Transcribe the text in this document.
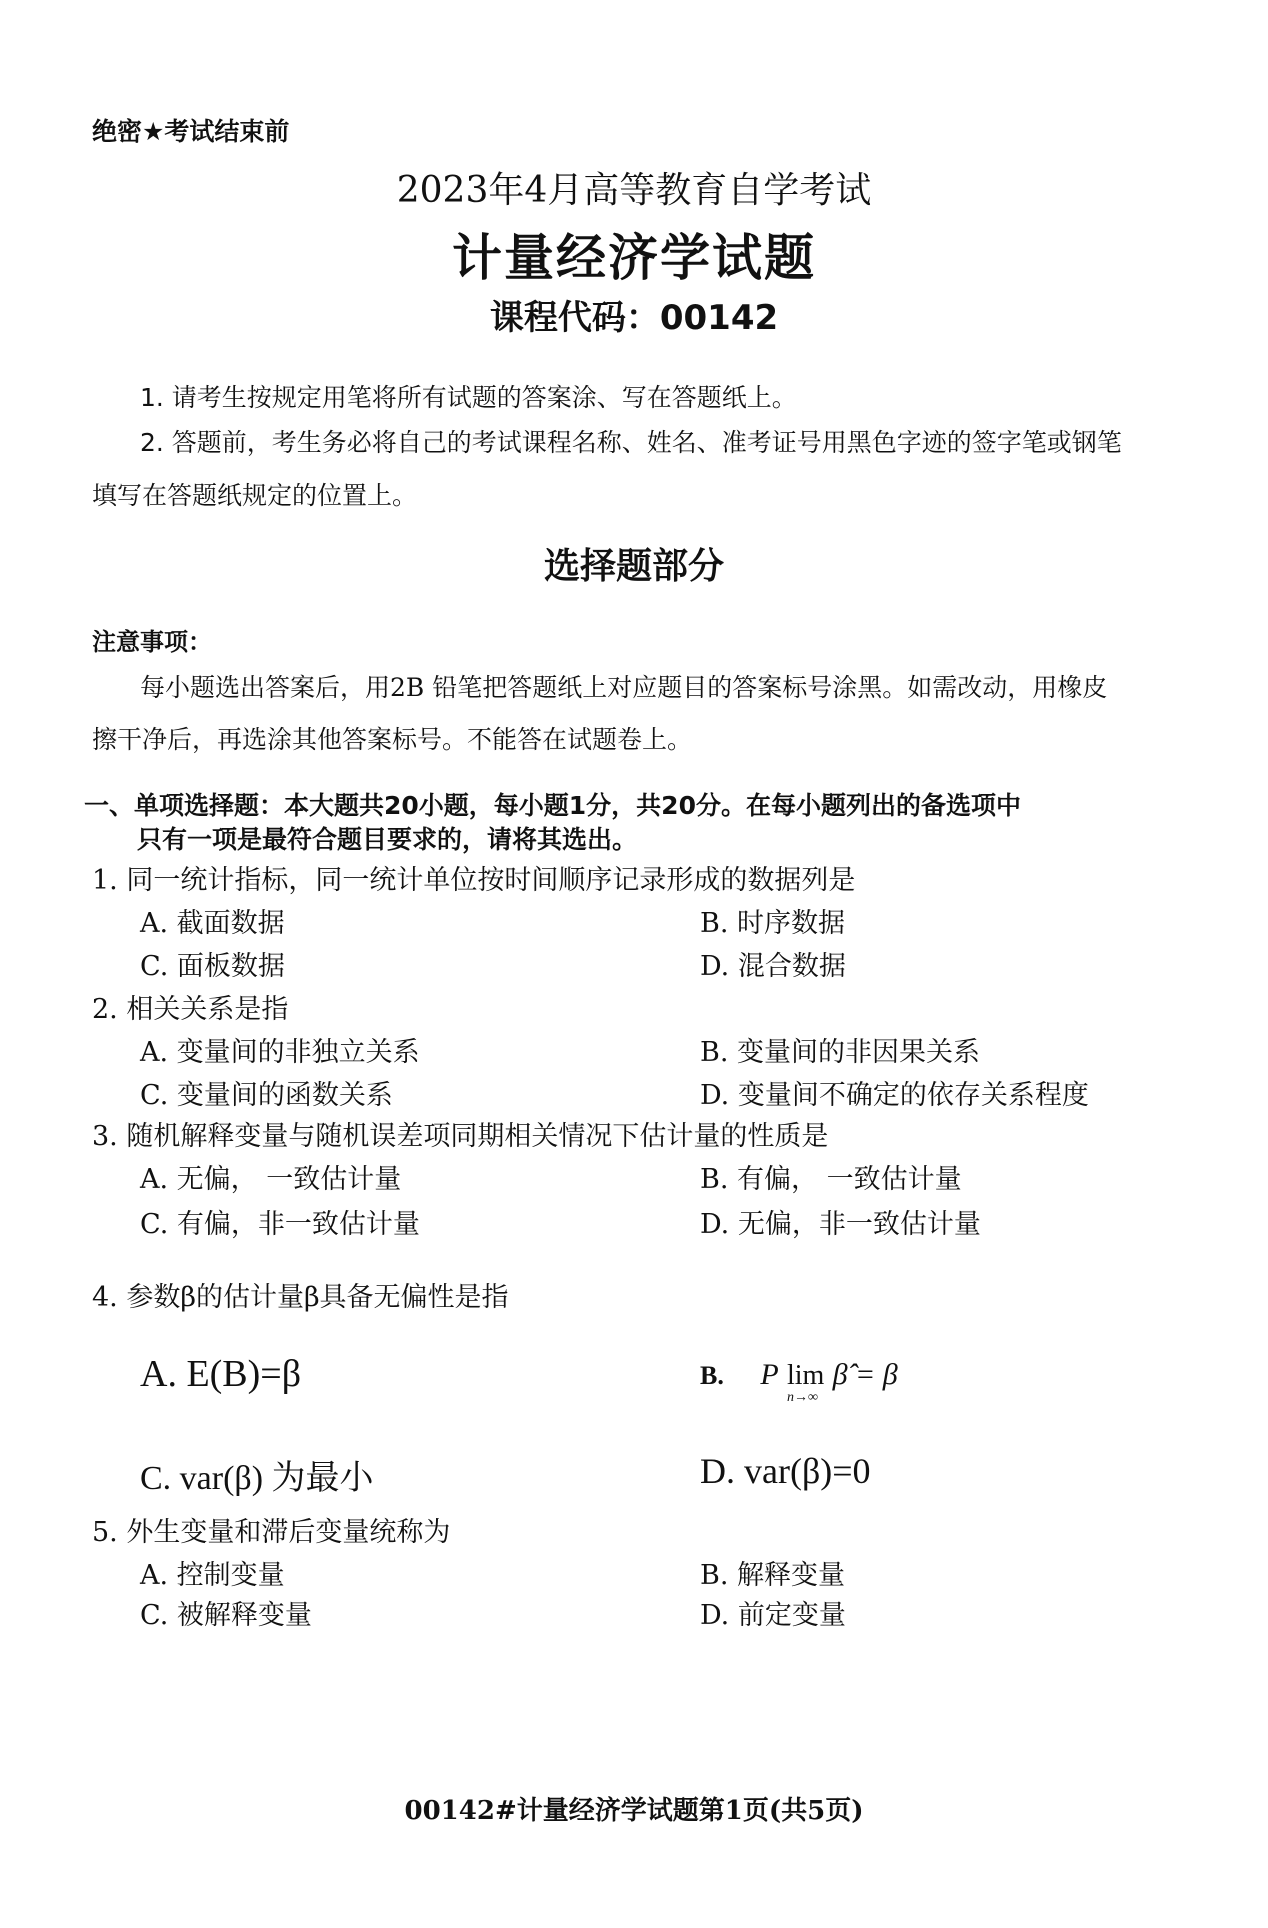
绝密★考试结束前
2023年4月高等教育自学考试
计量经济学试题
课程代码：00142
1. 请考生按规定用笔将所有试题的答案涂、写在答题纸上。
2. 答题前，考生务必将自己的考试课程名称、姓名、准考证号用黑色字迹的签字笔或钢笔
填写在答题纸规定的位置上。
选择题部分
注意事项：
每小题选出答案后，用2B 铅笔把答题纸上对应题目的答案标号涂黑。如需改动，用橡皮
擦干净后，再选涂其他答案标号。不能答在试题卷上。
一、单项选择题：本大题共20小题，每小题1分，共20分。在每小题列出的备选项中
只有一项是最符合题目要求的，请将其选出。
1. 同一统计指标，同一统计单位按时间顺序记录形成的数据列是
A. 截面数据	B. 时序数据
C. 面板数据	D. 混合数据
2. 相关关系是指
A. 变量间的非独立关系	B. 变量间的非因果关系
C. 变量间的函数关系	D. 变量间不确定的依存关系程度
3. 随机解释变量与随机误差项同期相关情况下估计量的性质是
A. 无偏， 一致估计量	B. 有偏， 一致估计量
C. 有偏，非一致估计量	D. 无偏，非一致估计量
4. 参数β的估计量β具备无偏性是指
A. E(B)=β	B. P lim
n→∞
β̂ = β
C. var(β) 为最小	D. var(β)=0
5. 外生变量和滞后变量统称为
A. 控制变量	B. 解释变量
C. 被解释变量	D. 前定变量
00142#计量经济学试题第1页(共5页)
